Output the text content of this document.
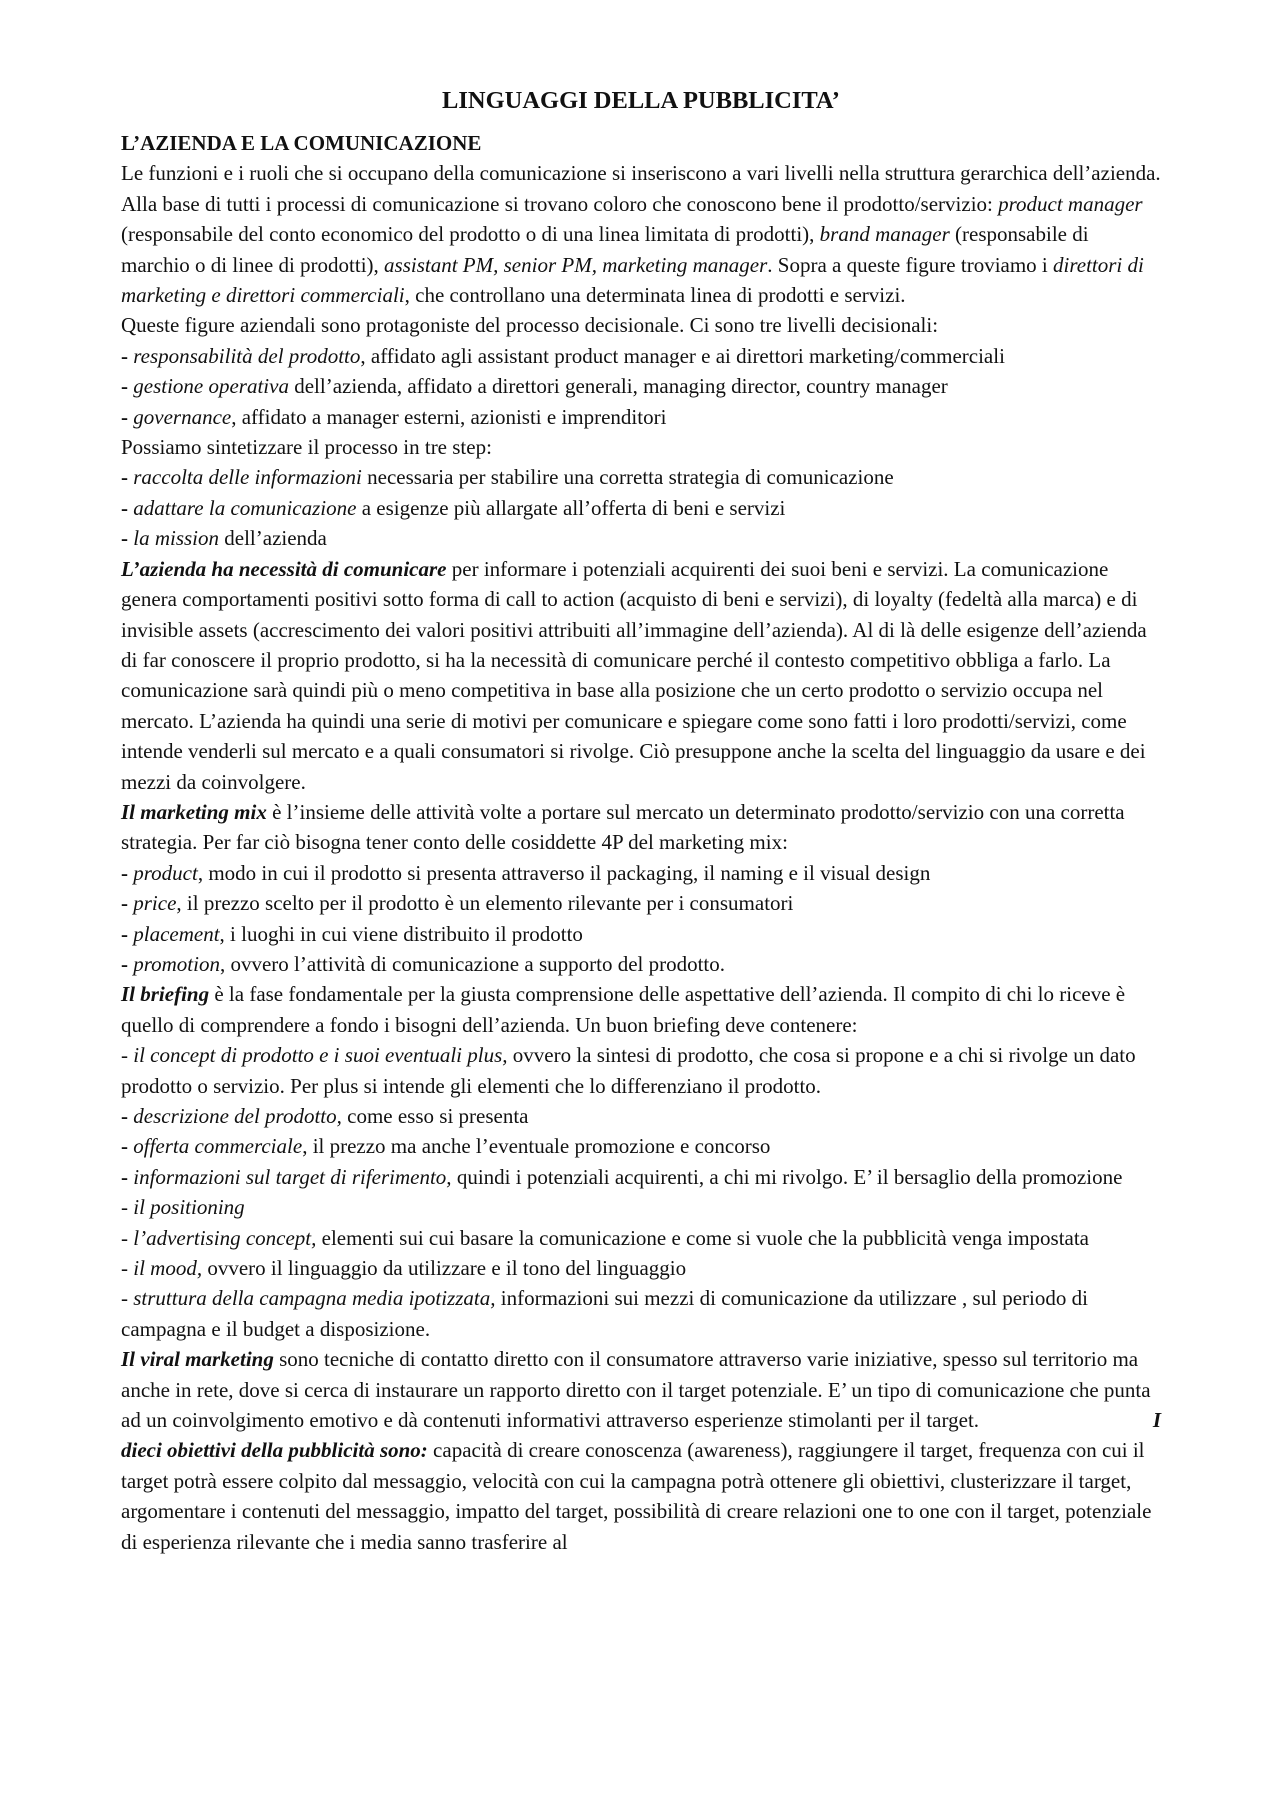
LINGUAGGI DELLA PUBBLICITA’
L’AZIENDA E LA COMUNICAZIONE

Le funzioni e i ruoli che si occupano della comunicazione si inseriscono a vari livelli nella struttura gerarchica dell’azienda. Alla base di tutti i processi di comunicazione si trovano coloro che conoscono bene il prodotto/servizio: product manager (responsabile del conto economico del prodotto o di una linea limitata di prodotti), brand manager (responsabile di marchio o di linee di prodotti), assistant PM, senior PM, marketing manager. Sopra a queste figure troviamo i direttori di marketing e direttori commerciali, che controllano una determinata linea di prodotti e servizi.

Queste figure aziendali sono protagoniste del processo decisionale. Ci sono tre livelli decisionali:

- responsabilità del prodotto, affidato agli assistant product manager e ai direttori marketing/commerciali

- gestione operativa dell’azienda, affidato a direttori generali, managing director, country manager

- governance, affidato a manager esterni, azionisti e imprenditori

Possiamo sintetizzare il processo in tre step:

- raccolta delle informazioni necessaria per stabilire una corretta strategia di comunicazione

- adattare la comunicazione a esigenze più allargate all’offerta di beni e servizi

- la mission dell’azienda

L’azienda ha necessità di comunicare per informare i potenziali acquirenti dei suoi beni e servizi. La comunicazione genera comportamenti positivi sotto forma di call to action (acquisto di beni e servizi), di loyalty (fedeltà alla marca) e di invisible assets (accrescimento dei valori positivi attribuiti all’immagine dell’azienda). Al di là delle esigenze dell’azienda di far conoscere il proprio prodotto, si ha la necessità di comunicare perché il contesto competitivo obbliga a farlo. La comunicazione sarà quindi più o meno competitiva in base alla posizione che un certo prodotto o servizio occupa nel mercato. L’azienda ha quindi una serie di motivi per comunicare e spiegare come sono fatti i loro prodotti/servizi, come intende venderli sul mercato e a quali consumatori si rivolge. Ciò presuppone anche la scelta del linguaggio da usare e dei mezzi da coinvolgere.

Il marketing mix è l’insieme delle attività volte a portare sul mercato un determinato prodotto/servizio con una corretta strategia. Per far ciò bisogna tener conto delle cosiddette 4P del marketing mix:

- product, modo in cui il prodotto si presenta attraverso il packaging, il naming e il visual design

- price, il prezzo scelto per il prodotto è un elemento rilevante per i consumatori

- placement, i luoghi in cui viene distribuito il prodotto

- promotion, ovvero l’attività di comunicazione a supporto del prodotto.

Il briefing è la fase fondamentale per la giusta comprensione delle aspettative dell’azienda. Il compito di chi lo riceve è quello di comprendere a fondo i bisogni dell’azienda. Un buon briefing deve contenere:

- il concept di prodotto e i suoi eventuali plus, ovvero la sintesi di prodotto, che cosa si propone e a chi si rivolge un dato prodotto o servizio. Per plus si intende gli elementi che lo differenziano il prodotto.

- descrizione del prodotto, come esso si presenta

- offerta commerciale, il prezzo ma anche l’eventuale promozione e concorso

- informazioni sul target di riferimento, quindi i potenziali acquirenti, a chi mi rivolgo. E’ il bersaglio della promozione

- il positioning

- l’advertising concept, elementi sui cui basare la comunicazione e come si vuole che la pubblicità venga impostata

- il mood, ovvero il linguaggio da utilizzare e il tono del linguaggio

- struttura della campagna media ipotizzata, informazioni sui mezzi di comunicazione da utilizzare , sul periodo di campagna e il budget a disposizione.

Il viral marketing sono tecniche di contatto diretto con il consumatore attraverso varie iniziative, spesso sul territorio ma anche in rete, dove si cerca di instaurare un rapporto diretto con il target potenziale. E’ un tipo di comunicazione che punta ad un coinvolgimento emotivo e dà contenuti informativi attraverso esperienze stimolanti per il target.	I

dieci obiettivi della pubblicità sono: capacità di creare conoscenza (awareness), raggiungere il target, frequenza con cui il target potrà essere colpito dal messaggio, velocità con cui la campagna potrà ottenere gli obiettivi, clusterizzare il target, argomentare i contenuti del messaggio, impatto del target, possibilità di creare relazioni one to one con il target, potenziale di esperienza rilevante che i media sanno trasferire al
